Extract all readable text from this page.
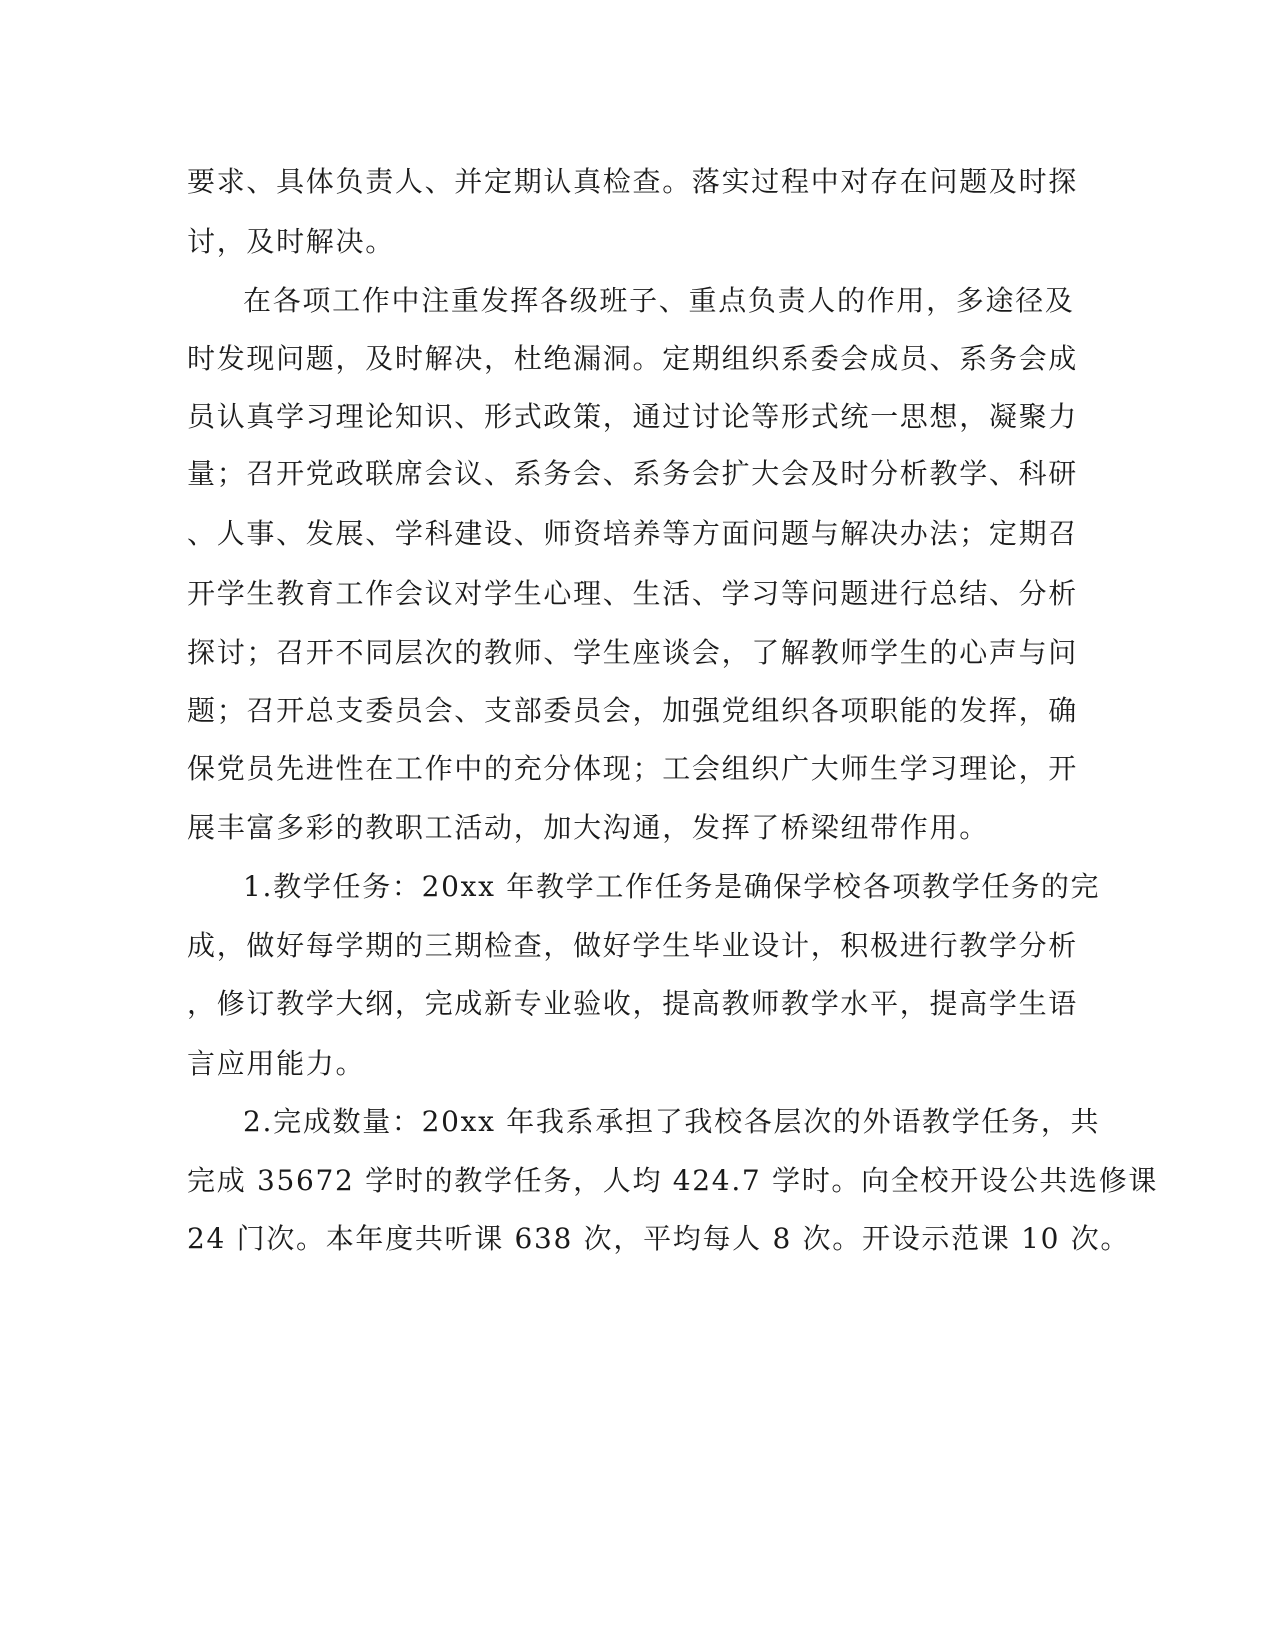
要求、具体负责人、并定期认真检查。落实过程中对存在问题及时探
讨，及时解决。
在各项工作中注重发挥各级班子、重点负责人的作用，多途径及
时发现问题，及时解决，杜绝漏洞。定期组织系委会成员、系务会成
员认真学习理论知识、形式政策，通过讨论等形式统一思想，凝聚力
量；召开党政联席会议、系务会、系务会扩大会及时分析教学、科研
、人事、发展、学科建设、师资培养等方面问题与解决办法；定期召
开学生教育工作会议对学生心理、生活、学习等问题进行总结、分析
探讨；召开不同层次的教师、学生座谈会，了解教师学生的心声与问
题；召开总支委员会、支部委员会，加强党组织各项职能的发挥，确
保党员先进性在工作中的充分体现；工会组织广大师生学习理论，开
展丰富多彩的教职工活动，加大沟通，发挥了桥梁纽带作用。
1.教学任务：20xx 年教学工作任务是确保学校各项教学任务的完
成，做好每学期的三期检查，做好学生毕业设计，积极进行教学分析
，修订教学大纲，完成新专业验收，提高教师教学水平，提高学生语
言应用能力。
2.完成数量：20xx 年我系承担了我校各层次的外语教学任务，共
完成 35672 学时的教学任务，人均 424.7 学时。向全校开设公共选修课
24 门次。本年度共听课 638 次，平均每人 8 次。开设示范课 10 次。
